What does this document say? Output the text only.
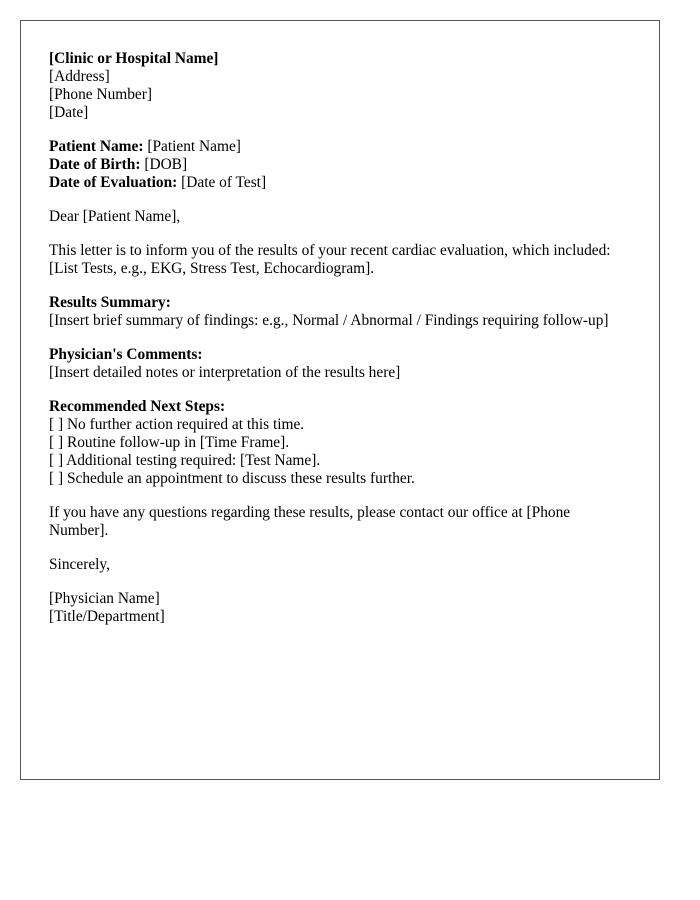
[Clinic or Hospital Name]
[Address]
[Phone Number]
[Date]
Patient Name: [Patient Name]
Date of Birth: [DOB]
Date of Evaluation: [Date of Test]
Dear [Patient Name],
This letter is to inform you of the results of your recent cardiac evaluation, which included:
[List Tests, e.g., EKG, Stress Test, Echocardiogram].
Results Summary:
[Insert brief summary of findings: e.g., Normal / Abnormal / Findings requiring follow-up]
Physician's Comments:
[Insert detailed notes or interpretation of the results here]
Recommended Next Steps:
[ ] No further action required at this time.
[ ] Routine follow-up in [Time Frame].
[ ] Additional testing required: [Test Name].
[ ] Schedule an appointment to discuss these results further.
If you have any questions regarding these results, please contact our office at [Phone Number].
Sincerely,
[Physician Name]
[Title/Department]
